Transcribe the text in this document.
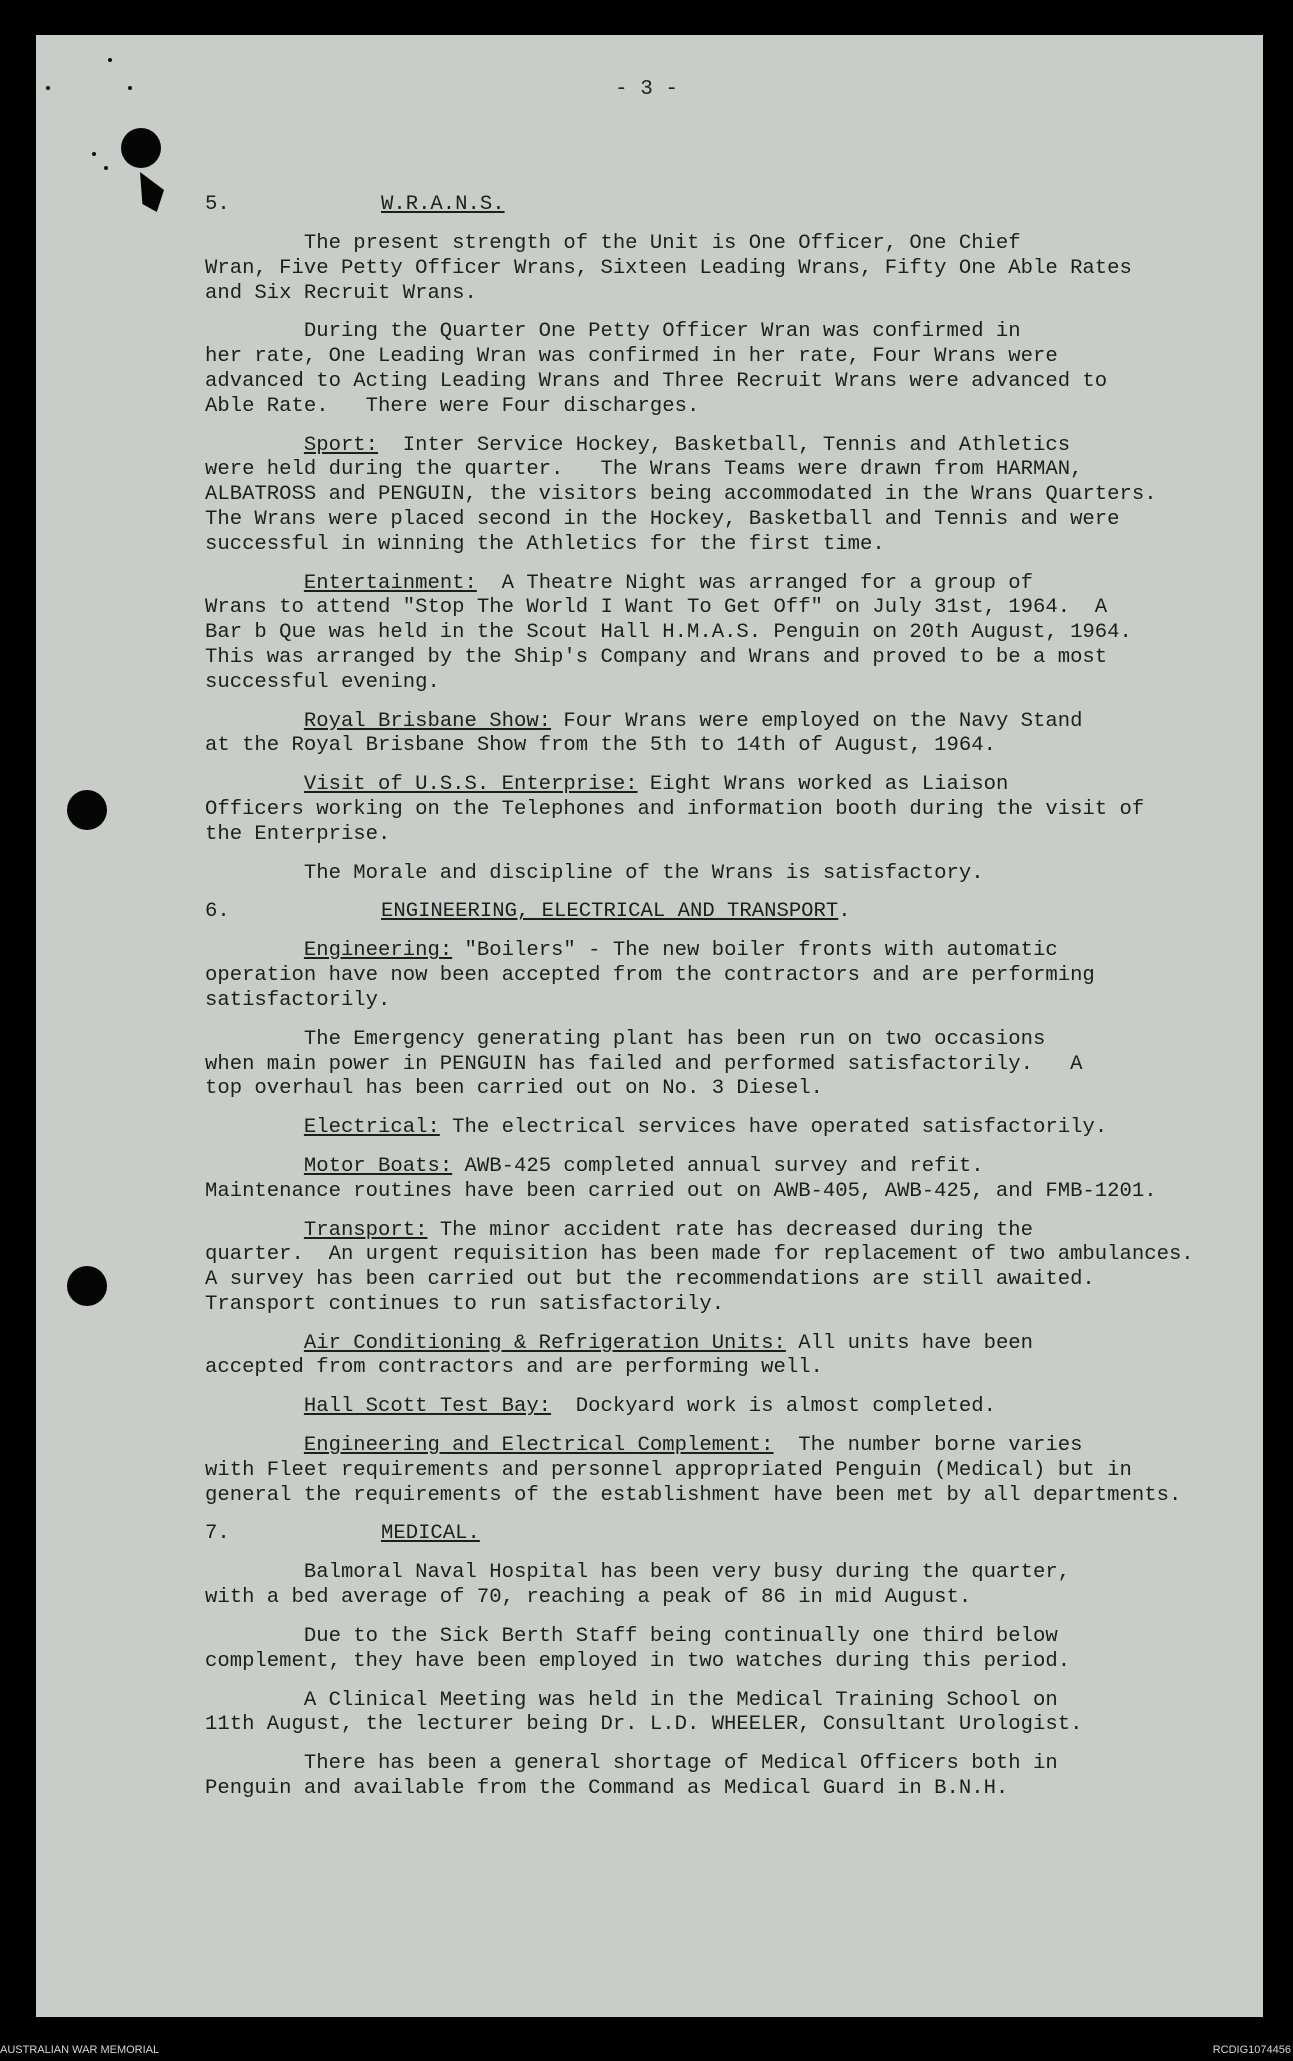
- 3 -
5.	W.R.A.N.S.

The present strength of the Unit is One Officer, One Chief
Wran, Five Petty Officer Wrans, Sixteen Leading Wrans, Fifty One Able Rates
and Six Recruit Wrans.

During the Quarter One Petty Officer Wran was confirmed in
her rate, One Leading Wran was confirmed in her rate, Four Wrans were
advanced to Acting Leading Wrans and Three Recruit Wrans were advanced to
Able Rate.   There were Four discharges.

Sport:  Inter Service Hockey, Basketball, Tennis and Athletics
were held during the quarter.   The Wrans Teams were drawn from HARMAN,
ALBATROSS and PENGUIN, the visitors being accommodated in the Wrans Quarters.
The Wrans were placed second in the Hockey, Basketball and Tennis and were
successful in winning the Athletics for the first time.

Entertainment:  A Theatre Night was arranged for a group of
Wrans to attend "Stop The World I Want To Get Off" on July 31st, 1964.  A
Bar b Que was held in the Scout Hall H.M.A.S. Penguin on 20th August, 1964.
This was arranged by the Ship's Company and Wrans and proved to be a most
successful evening.

Royal Brisbane Show: Four Wrans were employed on the Navy Stand
at the Royal Brisbane Show from the 5th to 14th of August, 1964.

Visit of U.S.S. Enterprise: Eight Wrans worked as Liaison
Officers working on the Telephones and information booth during the visit of
the Enterprise.

The Morale and discipline of the Wrans is satisfactory.

6.	ENGINEERING, ELECTRICAL AND TRANSPORT.

Engineering: "Boilers" - The new boiler fronts with automatic
operation have now been accepted from the contractors and are performing
satisfactorily.

The Emergency generating plant has been run on two occasions
when main power in PENGUIN has failed and performed satisfactorily.   A
top overhaul has been carried out on No. 3 Diesel.

Electrical: The electrical services have operated satisfactorily.

Motor Boats: AWB-425 completed annual survey and refit.
Maintenance routines have been carried out on AWB-405, AWB-425, and FMB-1201.

Transport: The minor accident rate has decreased during the
quarter.  An urgent requisition has been made for replacement of two ambulances.
A survey has been carried out but the recommendations are still awaited.
Transport continues to run satisfactorily.

Air Conditioning & Refrigeration Units: All units have been
accepted from contractors and are performing well.

Hall Scott Test Bay:  Dockyard work is almost completed.

Engineering and Electrical Complement:  The number borne varies
with Fleet requirements and personnel appropriated Penguin (Medical) but in
general the requirements of the establishment have been met by all departments.

7.	MEDICAL.

Balmoral Naval Hospital has been very busy during the quarter,
with a bed average of 70, reaching a peak of 86 in mid August.

Due to the Sick Berth Staff being continually one third below
complement, they have been employed in two watches during this period.

A Clinical Meeting was held in the Medical Training School on
11th August, the lecturer being Dr. L.D. WHEELER, Consultant Urologist.

There has been a general shortage of Medical Officers both in
Penguin and available from the Command as Medical Guard in B.N.H.

AUSTRALIAN WAR MEMORIAL	RCDIG1074456
